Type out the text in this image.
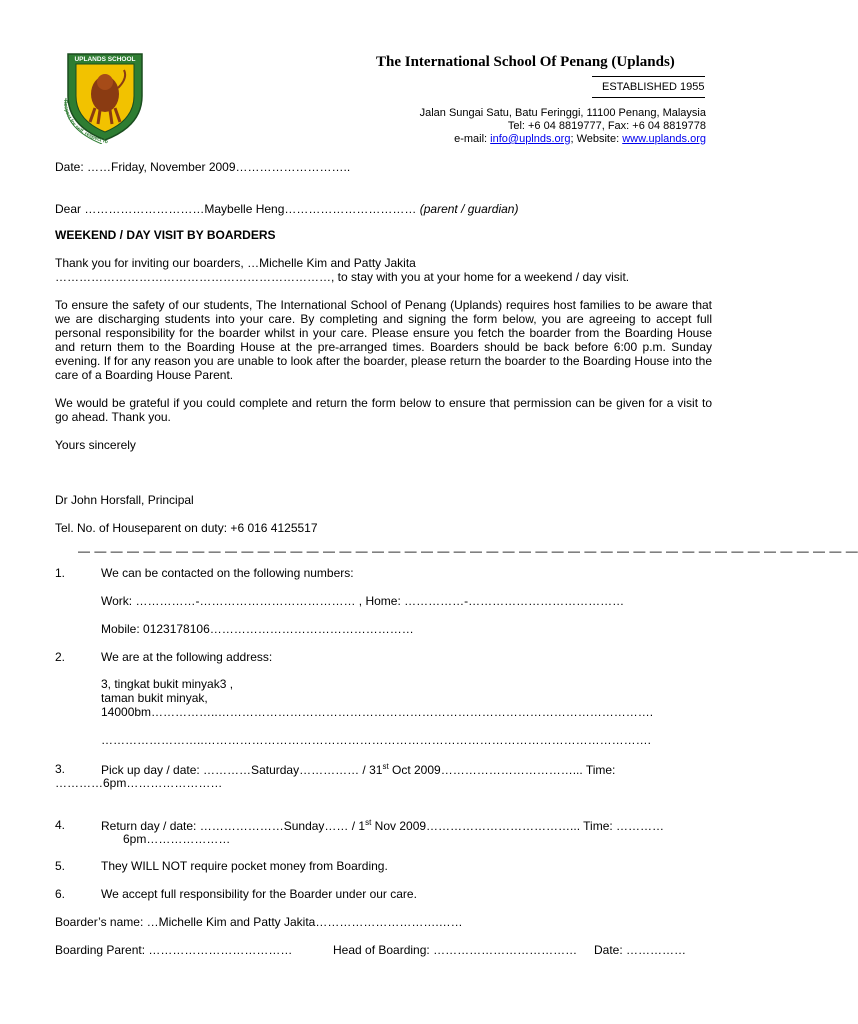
UPLANDS SCHOOL
Respect for self, respect fo
The International School Of Penang (Uplands)
ESTABLISHED 1955
Jalan Sungai Satu, Batu Feringgi, 11100 Penang, Malaysia
Tel: +6 04 8819777, Fax: +6 04 8819778
e-mail: info@uplnds.org; Website: www.uplands.org
Date: ……Friday, November 2009………………………..
Dear …………………………Maybelle Heng…………………………… (parent / guardian)
WEEKEND / DAY VISIT BY BOARDERS
Thank you for inviting our boarders, …Michelle Kim and Patty Jakita
……………………………………………………………, to stay with you at your home for a weekend / day visit.
To ensure the safety of our students, The International School of Penang (Uplands) requires host families to be aware that we are discharging students into your care. By completing and signing the form below, you are agreeing to accept full personal responsibility for the boarder whilst in your care. Please ensure you fetch the boarder from the Boarding House and return them to the Boarding House at the pre-arranged times. Boarders should be back before 6:00 p.m. Sunday evening. If for any reason you are unable to look after the boarder, please return the boarder to the Boarding House into the care of a Boarding House Parent.
We would be grateful if you could complete and return the form below to ensure that permission can be given for a visit to go ahead. Thank you.
Yours sincerely
Dr John Horsfall, Principal
Tel. No. of Houseparent on duty: +6 016 4125517
— — — — — — — — — — — — — — — — — — — — — — — — — — — — — — — — — — — — — — — — — — — — — — — —
1.	We can be contacted on the following numbers:
Work: ……………-………………………………… , Home: ……………-…………………………………
Mobile: 0123178106……………………………………………
2.	We are at the following address:
3, tingkat bukit minyak3 ,
taman bukit minyak,
14000bm……………..……………………………………………………………………………………………….
……………………..………………………………………………………………………………………………….
3.	Pick up day / date: …………Saturday…………… / 31st Oct 2009……………………………... Time:
…………6pm……………………
4.	Return day / date: …………………Sunday…… / 1st Nov 2009………………………………... Time: …………
6pm…………………
5.	They WILL NOT require pocket money from Boarding.
6.	We accept full responsibility for the Boarder under our care.
Boarder’s name: …Michelle Kim and Patty Jakita………………………….……
Boarding Parent: ………………………………	Head of Boarding: ……………………………… Date: ……………
